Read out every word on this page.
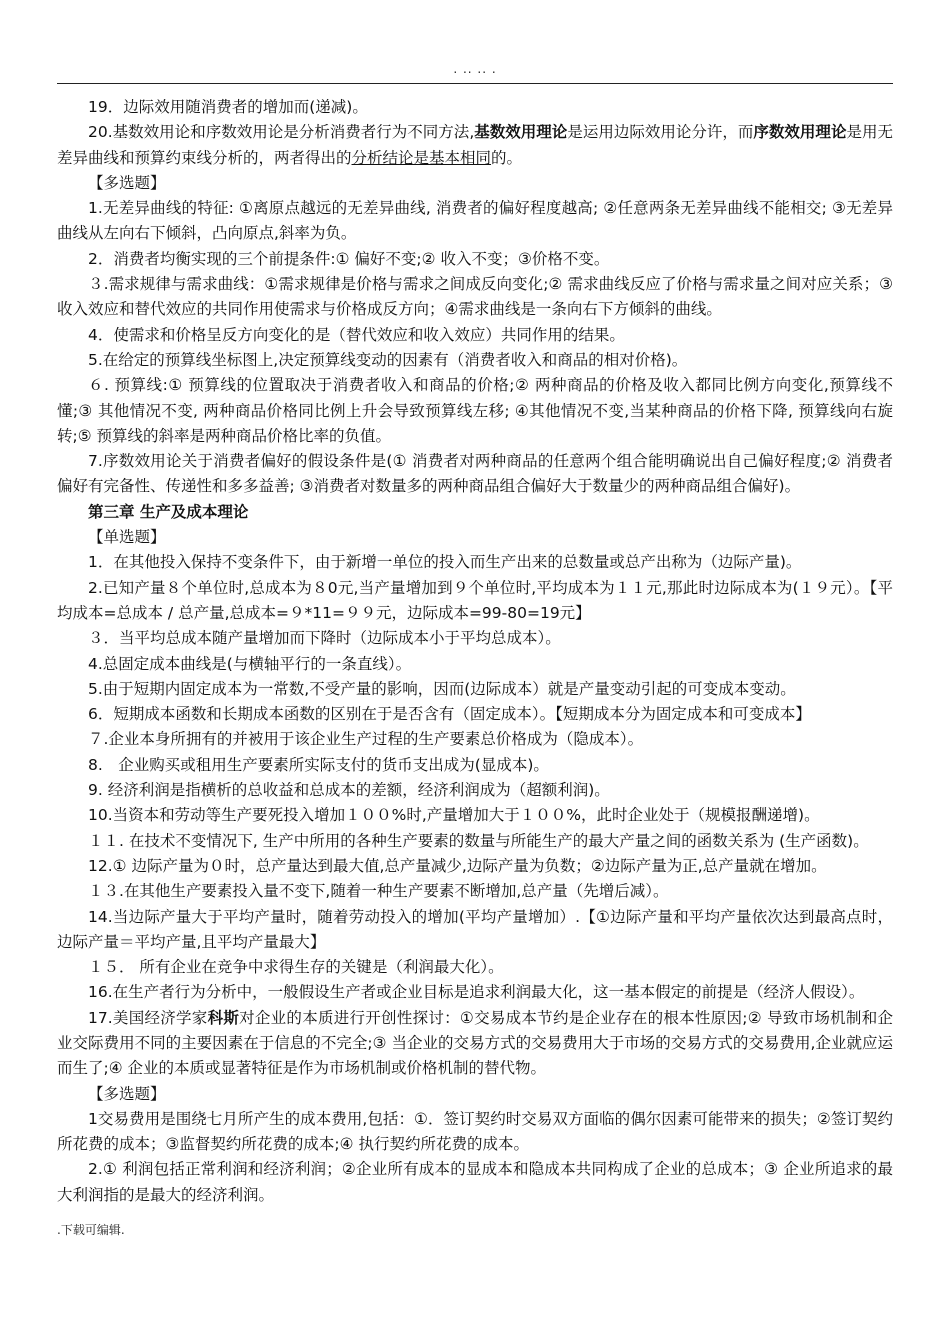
. .. .. .

19．边际效用随消费者的增加而(递减)。

20.基数效用论和序数效用论是分析消费者行为不同方法,基数效用理论是运用边际效用论分许，而序数效用理论是用无差异曲线和预算约束线分析的，两者得出的分析结论是基本相同的。

【多选题】

1.无差异曲线的特征: ①离原点越远的无差异曲线, 消费者的偏好程度越高; ②任意两条无差异曲线不能相交; ③无差异曲线从左向右下倾斜，凸向原点,斜率为负。

2．消费者均衡实现的三个前提条件:① 偏好不变;② 收入不变；③价格不变。

３.需求规律与需求曲线：①需求规律是价格与需求之间成反向变化;② 需求曲线反应了价格与需求量之间对应关系；③收入效应和替代效应的共同作用使需求与价格成反方向；④需求曲线是一条向右下方倾斜的曲线。

4．使需求和价格呈反方向变化的是（替代效应和收入效应）共同作用的结果。

5.在给定的预算线坐标图上,决定预算线变动的因素有（消费者收入和商品的相对价格)。

６. 预算线:① 预算线的位置取决于消费者收入和商品的价格;② 两种商品的价格及收入都同比例方向变化,预算线不懂;③ 其他情况不变, 两种商品价格同比例上升会导致预算线左移; ④其他情况不变,当某种商品的价格下降, 预算线向右旋转;⑤ 预算线的斜率是两种商品价格比率的负值。

7.序数效用论关于消费者偏好的假设条件是(① 消费者对两种商品的任意两个组合能明确说出自己偏好程度;② 消费者偏好有完备性、传递性和多多益善; ③消费者对数量多的两种商品组合偏好大于数量少的两种商品组合偏好)。

第三章 生产及成本理论

【单选题】

1．在其他投入保持不变条件下，由于新增一单位的投入而生产出来的总数量或总产出称为（边际产量)。

2.已知产量８个单位时,总成本为８0元,当产量增加到９个单位时,平均成本为１１元,那此时边际成本为(１９元）。【平均成本=总成本 / 总产量,总成本=９*11=９９元，边际成本=99-80=19元】

３．当平均总成本随产量增加而下降时（边际成本小于平均总成本）。

4.总固定成本曲线是(与横轴平行的一条直线）。

5.由于短期内固定成本为一常数,不受产量的影响，因而(边际成本）就是产量变动引起的可变成本变动。

6．短期成本函数和长期成本函数的区别在于是否含有（固定成本）。【短期成本分为固定成本和可变成本】

７.企业本身所拥有的并被用于该企业生产过程的生产要素总价格成为（隐成本）。

8.　企业购买或租用生产要素所实际支付的货币支出成为(显成本)。

9. 经济利润是指横析的总收益和总成本的差额，经济利润成为（超额利润)。

10.当资本和劳动等生产要死投入增加１００%时,产量增加大于１００%，此时企业处于（规模报酬递增)。

１１. 在技术不变情况下, 生产中所用的各种生产要素的数量与所能生产的最大产量之间的函数关系为 (生产函数)。

12.① 边际产量为０时，总产量达到最大值,总产量减少,边际产量为负数；②边际产量为正,总产量就在增加。

１３.在其他生产要素投入量不变下,随着一种生产要素不断增加,总产量（先增后减）。

14.当边际产量大于平均产量时，随着劳动投入的增加(平均产量增加）.【①边际产量和平均产量依次达到最高点时，边际产量＝平均产量,且平均产量最大】

１５． 所有企业在竞争中求得生存的关键是（利润最大化）。

16.在生产者行为分析中，一般假设生产者或企业目标是追求利润最大化，这一基本假定的前提是（经济人假设）。

17.美国经济学家科斯对企业的本质进行开创性探讨：①交易成本节约是企业存在的根本性原因;② 导致市场机制和企业交际费用不同的主要因素在于信息的不完全;③ 当企业的交易方式的交易费用大于市场的交易方式的交易费用,企业就应运而生了;④ 企业的本质或显著特征是作为市场机制或价格机制的替代物。

【多选题】

1交易费用是围绕七月所产生的成本费用,包括：①．签订契约时交易双方面临的偶尔因素可能带来的损失；②签订契约所花费的成本；③监督契约所花费的成本;④ 执行契约所花费的成本。

2.① 利润包括正常利润和经济利润；②企业所有成本的显成本和隐成本共同构成了企业的总成本；③ 企业所追求的最大利润指的是最大的经济利润。

.下载可编辑.
